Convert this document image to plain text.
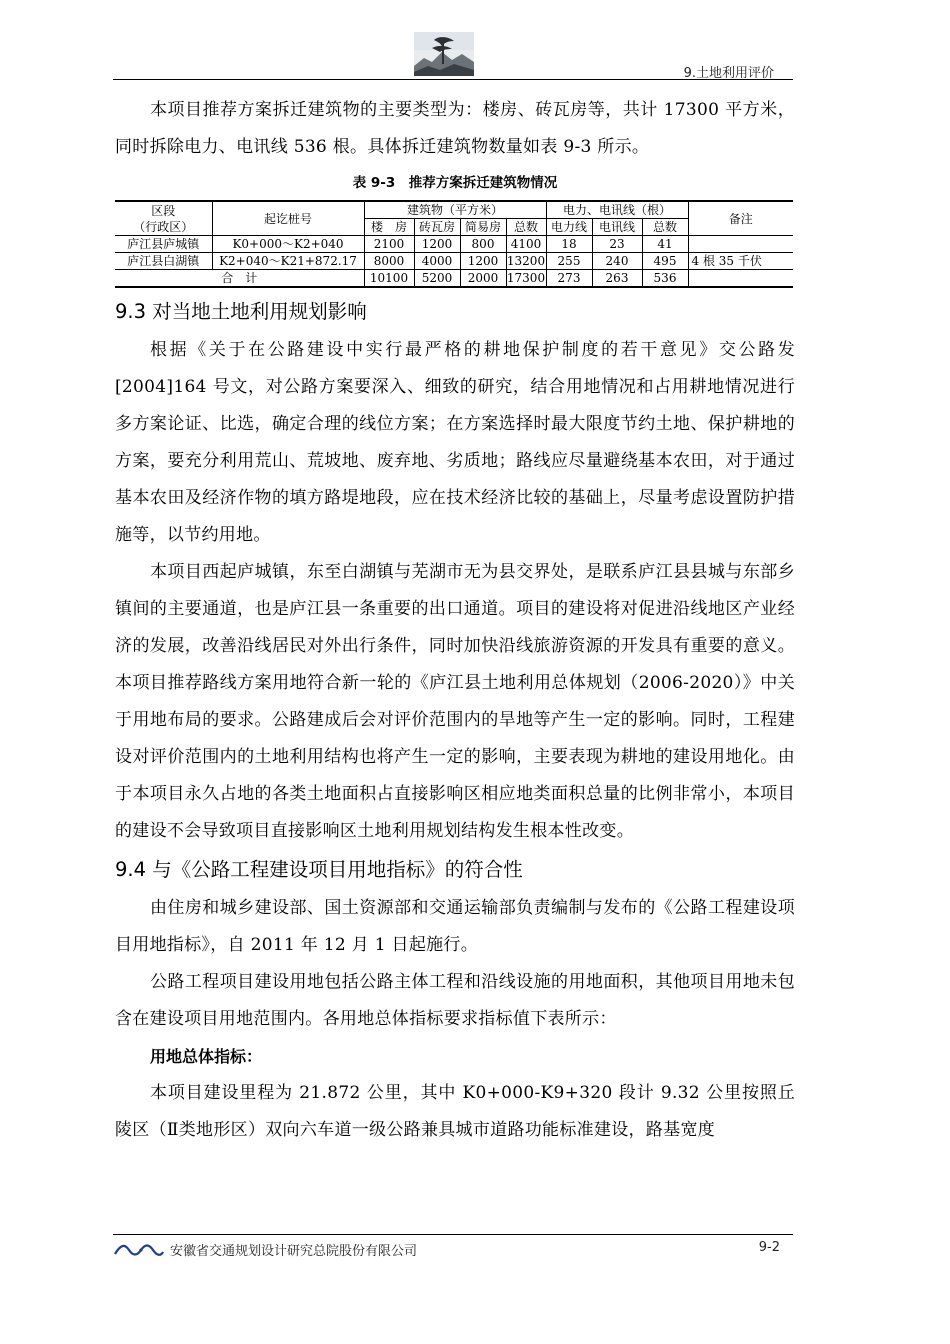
9.土地利用评价

本项目推荐方案拆迁建筑物的主要类型为：楼房、砖瓦房等，共计 17300 平方米，同时拆除电力、电讯线 536 根。具体拆迁建筑物数量如表 9-3 所示。

表 9-3　推荐方案拆迁建筑物情况
区段
（行政区）	起讫桩号	建筑物（平方米）				电力、电讯线（根）			备注
		楼　房	砖瓦房	简易房	总数	电力线	电讯线	总数	
庐江县庐城镇	K0+000～K2+040	2100	1200	800	4100	18	23	41	
庐江县白湖镇	K2+040～K21+872.17	8000	4000	1200	13200	255	240	495	4 根 35 千伏
合　计		10100	5200	2000	17300	273	263	536	
9.3 对当地土地利用规划影响

根据《关于在公路建设中实行最严格的耕地保护制度的若干意见》交公路发[2004]164 号文，对公路方案要深入、细致的研究，结合用地情况和占用耕地情况进行多方案论证、比选，确定合理的线位方案；在方案选择时最大限度节约土地、保护耕地的方案，要充分利用荒山、荒坡地、废弃地、劣质地；路线应尽量避绕基本农田，对于通过基本农田及经济作物的填方路堤地段，应在技术经济比较的基础上，尽量考虑设置防护措施等，以节约用地。

本项目西起庐城镇，东至白湖镇与芜湖市无为县交界处，是联系庐江县县城与东部乡镇间的主要通道，也是庐江县一条重要的出口通道。项目的建设将对促进沿线地区产业经济的发展，改善沿线居民对外出行条件，同时加快沿线旅游资源的开发具有重要的意义。本项目推荐路线方案用地符合新一轮的《庐江县土地利用总体规划（2006-2020）》中关于用地布局的要求。公路建成后会对评价范围内的旱地等产生一定的影响。同时，工程建设对评价范围内的土地利用结构也将产生一定的影响，主要表现为耕地的建设用地化。由于本项目永久占地的各类土地面积占直接影响区相应地类面积总量的比例非常小，本项目的建设不会导致项目直接影响区土地利用规划结构发生根本性改变。

9.4 与《公路工程建设项目用地指标》的符合性

由住房和城乡建设部、国土资源部和交通运输部负责编制与发布的《公路工程建设项目用地指标》，自 2011 年 12 月 1 日起施行。

公路工程项目建设用地包括公路主体工程和沿线设施的用地面积，其他项目用地未包含在建设项目用地范围内。各用地总体指标要求指标值下表所示：

用地总体指标：

本项目建设里程为 21.872 公里，其中 K0+000-K9+320 段计 9.32 公里按照丘陵区（Ⅱ类地形区）双向六车道一级公路兼具城市道路功能标准建设，路基宽度

安徽省交通规划设计研究总院股份有限公司	9-2
